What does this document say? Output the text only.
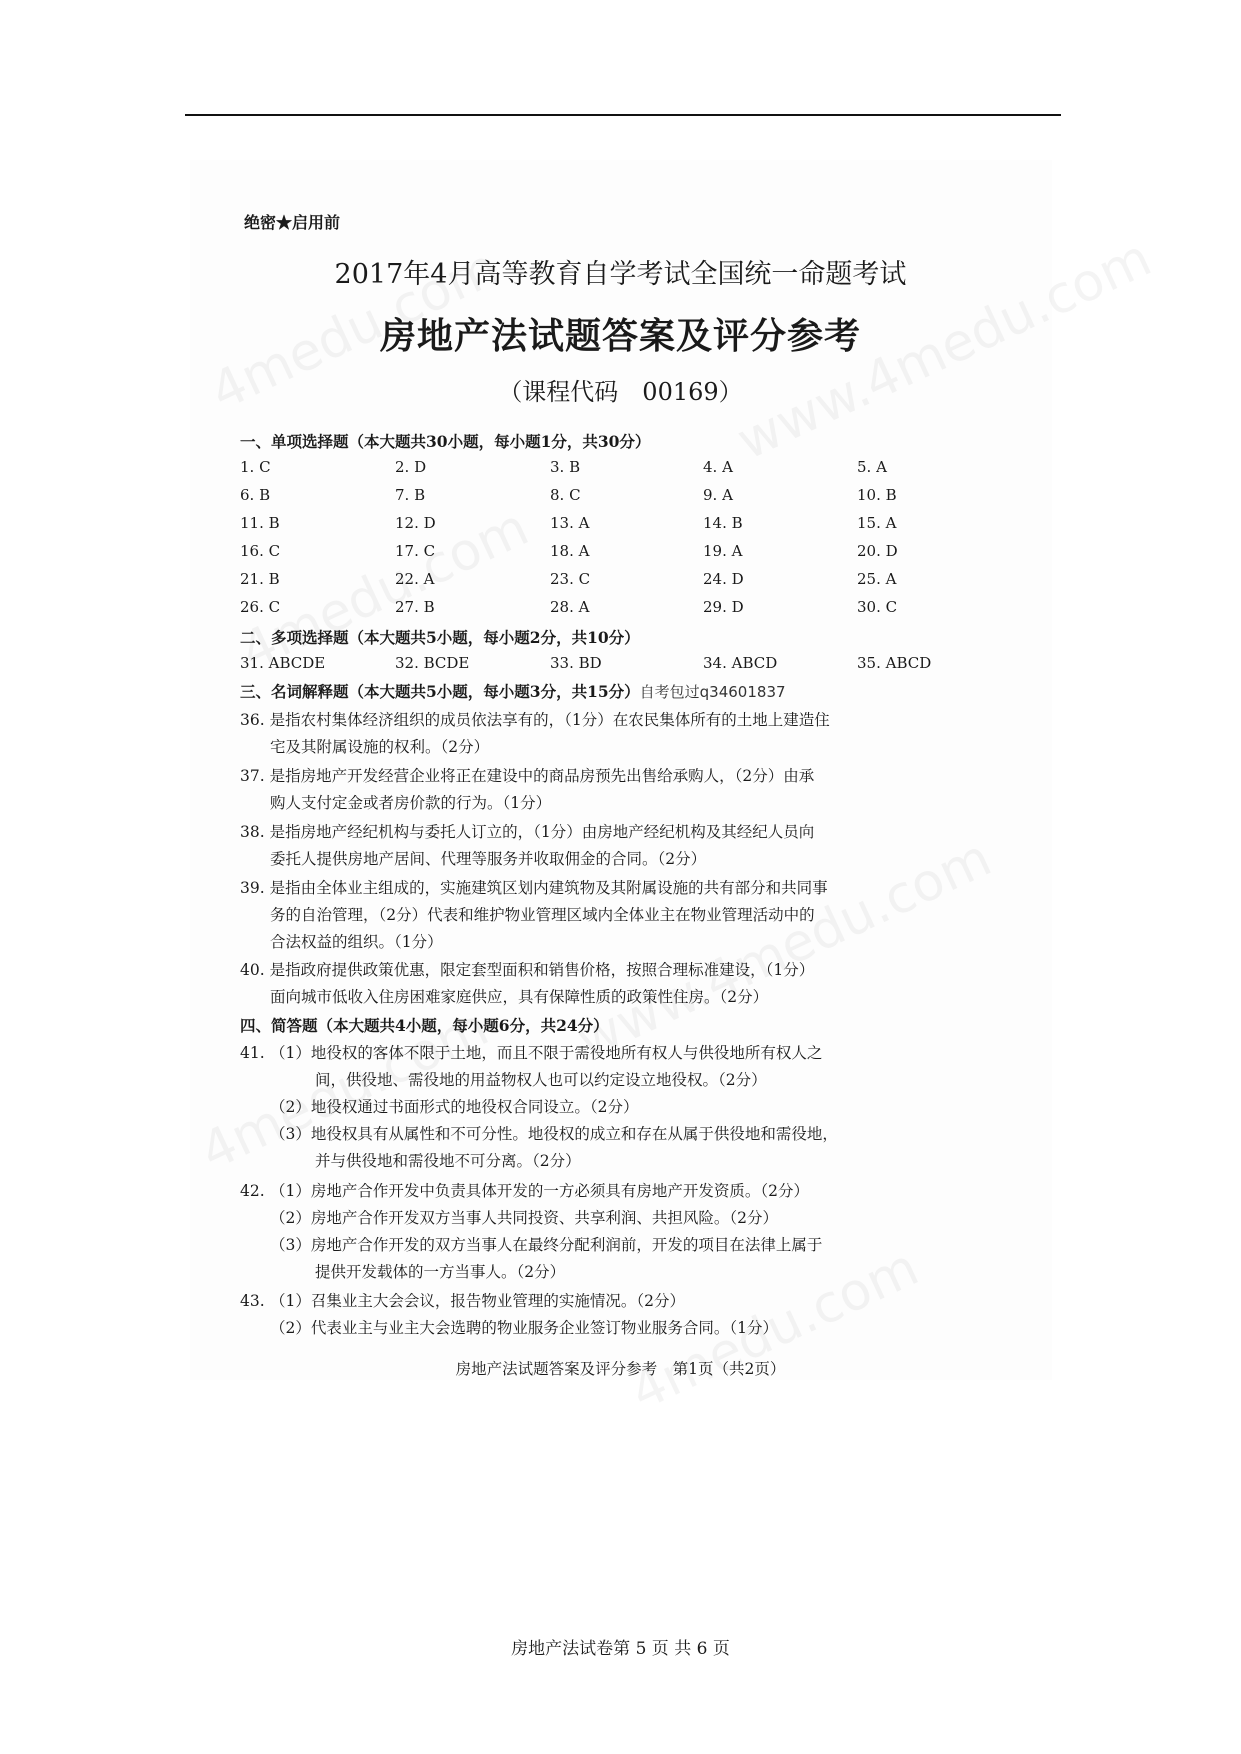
绝密★启用前
2017年4月高等教育自学考试全国统一命题考试
房地产法试题答案及评分参考
（课程代码　00169）
一、单项选择题（本大题共30小题，每小题1分，共30分）
1. C	2. D	3. B	4. A	5. A
6. B	7. B	8. C	9. A	10. B
11. B	12. D	13. A	14. B	15. A
16. C	17. C	18. A	19. A	20. D
21. B	22. A	23. C	24. D	25. A
26. C	27. B	28. A	29. D	30. C
二、多项选择题（本大题共5小题，每小题2分，共10分）
31. ABCDE	32. BCDE	33. BD	34. ABCD	35. ABCD
三、名词解释题（本大题共5小题，每小题3分，共15分）自考包过q34601837
36. 是指农村集体经济组织的成员依法享有的，（1分）在农民集体所有的土地上建造住
宅及其附属设施的权利。（2分）
37. 是指房地产开发经营企业将正在建设中的商品房预先出售给承购人，（2分）由承
购人支付定金或者房价款的行为。（1分）
38. 是指房地产经纪机构与委托人订立的，（1分）由房地产经纪机构及其经纪人员向
委托人提供房地产居间、代理等服务并收取佣金的合同。（2分）
39. 是指由全体业主组成的，实施建筑区划内建筑物及其附属设施的共有部分和共同事
务的自治管理，（2分）代表和维护物业管理区域内全体业主在物业管理活动中的
合法权益的组织。（1分）
40. 是指政府提供政策优惠，限定套型面积和销售价格，按照合理标准建设，（1分）
面向城市低收入住房困难家庭供应，具有保障性质的政策性住房。（2分）
四、简答题（本大题共4小题，每小题6分，共24分）
41. （1）地役权的客体不限于土地，而且不限于需役地所有权人与供役地所有权人之
间，供役地、需役地的用益物权人也可以约定设立地役权。（2分）
（2）地役权通过书面形式的地役权合同设立。（2分）
（3）地役权具有从属性和不可分性。地役权的成立和存在从属于供役地和需役地，
并与供役地和需役地不可分离。（2分）
42. （1）房地产合作开发中负责具体开发的一方必须具有房地产开发资质。（2分）
（2）房地产合作开发双方当事人共同投资、共享利润、共担风险。（2分）
（3）房地产合作开发的双方当事人在最终分配利润前，开发的项目在法律上属于
提供开发载体的一方当事人。（2分）
43. （1）召集业主大会会议，报告物业管理的实施情况。（2分）
（2）代表业主与业主大会选聘的物业服务企业签订物业服务合同。（1分）
房地产法试题答案及评分参考　第1页（共2页）
房地产法试卷第 5 页 共 6 页
